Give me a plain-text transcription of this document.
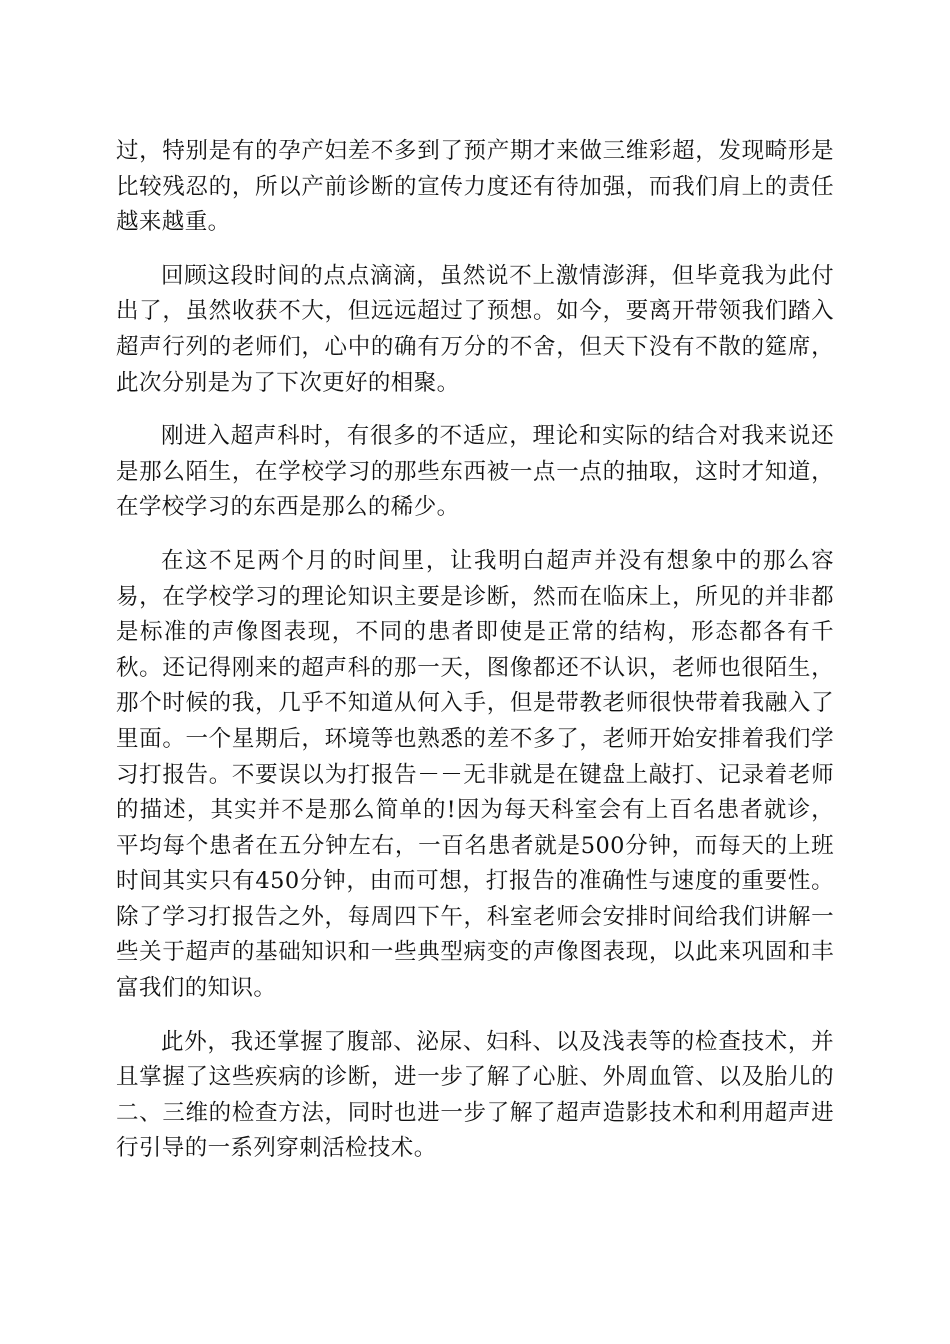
过，特别是有的孕产妇差不多到了预产期才来做三维彩超，发现畸形是比较残忍的，所以产前诊断的宣传力度还有待加强，而我们肩上的责任越来越重。

回顾这段时间的点点滴滴，虽然说不上激情澎湃，但毕竟我为此付出了，虽然收获不大，但远远超过了预想。如今，要离开带领我们踏入超声行列的老师们，心中的确有万分的不舍，但天下没有不散的筵席，此次分别是为了下次更好的相聚。

刚进入超声科时，有很多的不适应，理论和实际的结合对我来说还是那么陌生，在学校学习的那些东西被一点一点的抽取，这时才知道，在学校学习的东西是那么的稀少。

在这不足两个月的时间里，让我明白超声并没有想象中的那么容易，在学校学习的理论知识主要是诊断，然而在临床上，所见的并非都是标准的声像图表现，不同的患者即使是正常的结构，形态都各有千秋。还记得刚来的超声科的那一天，图像都还不认识，老师也很陌生，那个时候的我，几乎不知道从何入手，但是带教老师很快带着我融入了里面。一个星期后，环境等也熟悉的差不多了，老师开始安排着我们学习打报告。不要误以为打报告－－无非就是在键盘上敲打、记录着老师的描述，其实并不是那么简单的!因为每天科室会有上百名患者就诊，平均每个患者在五分钟左右，一百名患者就是500分钟，而每天的上班时间其实只有450分钟，由而可想，打报告的准确性与速度的重要性。除了学习打报告之外，每周四下午，科室老师会安排时间给我们讲解一些关于超声的基础知识和一些典型病变的声像图表现，以此来巩固和丰富我们的知识。

此外，我还掌握了腹部、泌尿、妇科、以及浅表等的检查技术，并且掌握了这些疾病的诊断，进一步了解了心脏、外周血管、以及胎儿的二、三维的检查方法，同时也进一步了解了超声造影技术和利用超声进行引导的一系列穿刺活检技术。
